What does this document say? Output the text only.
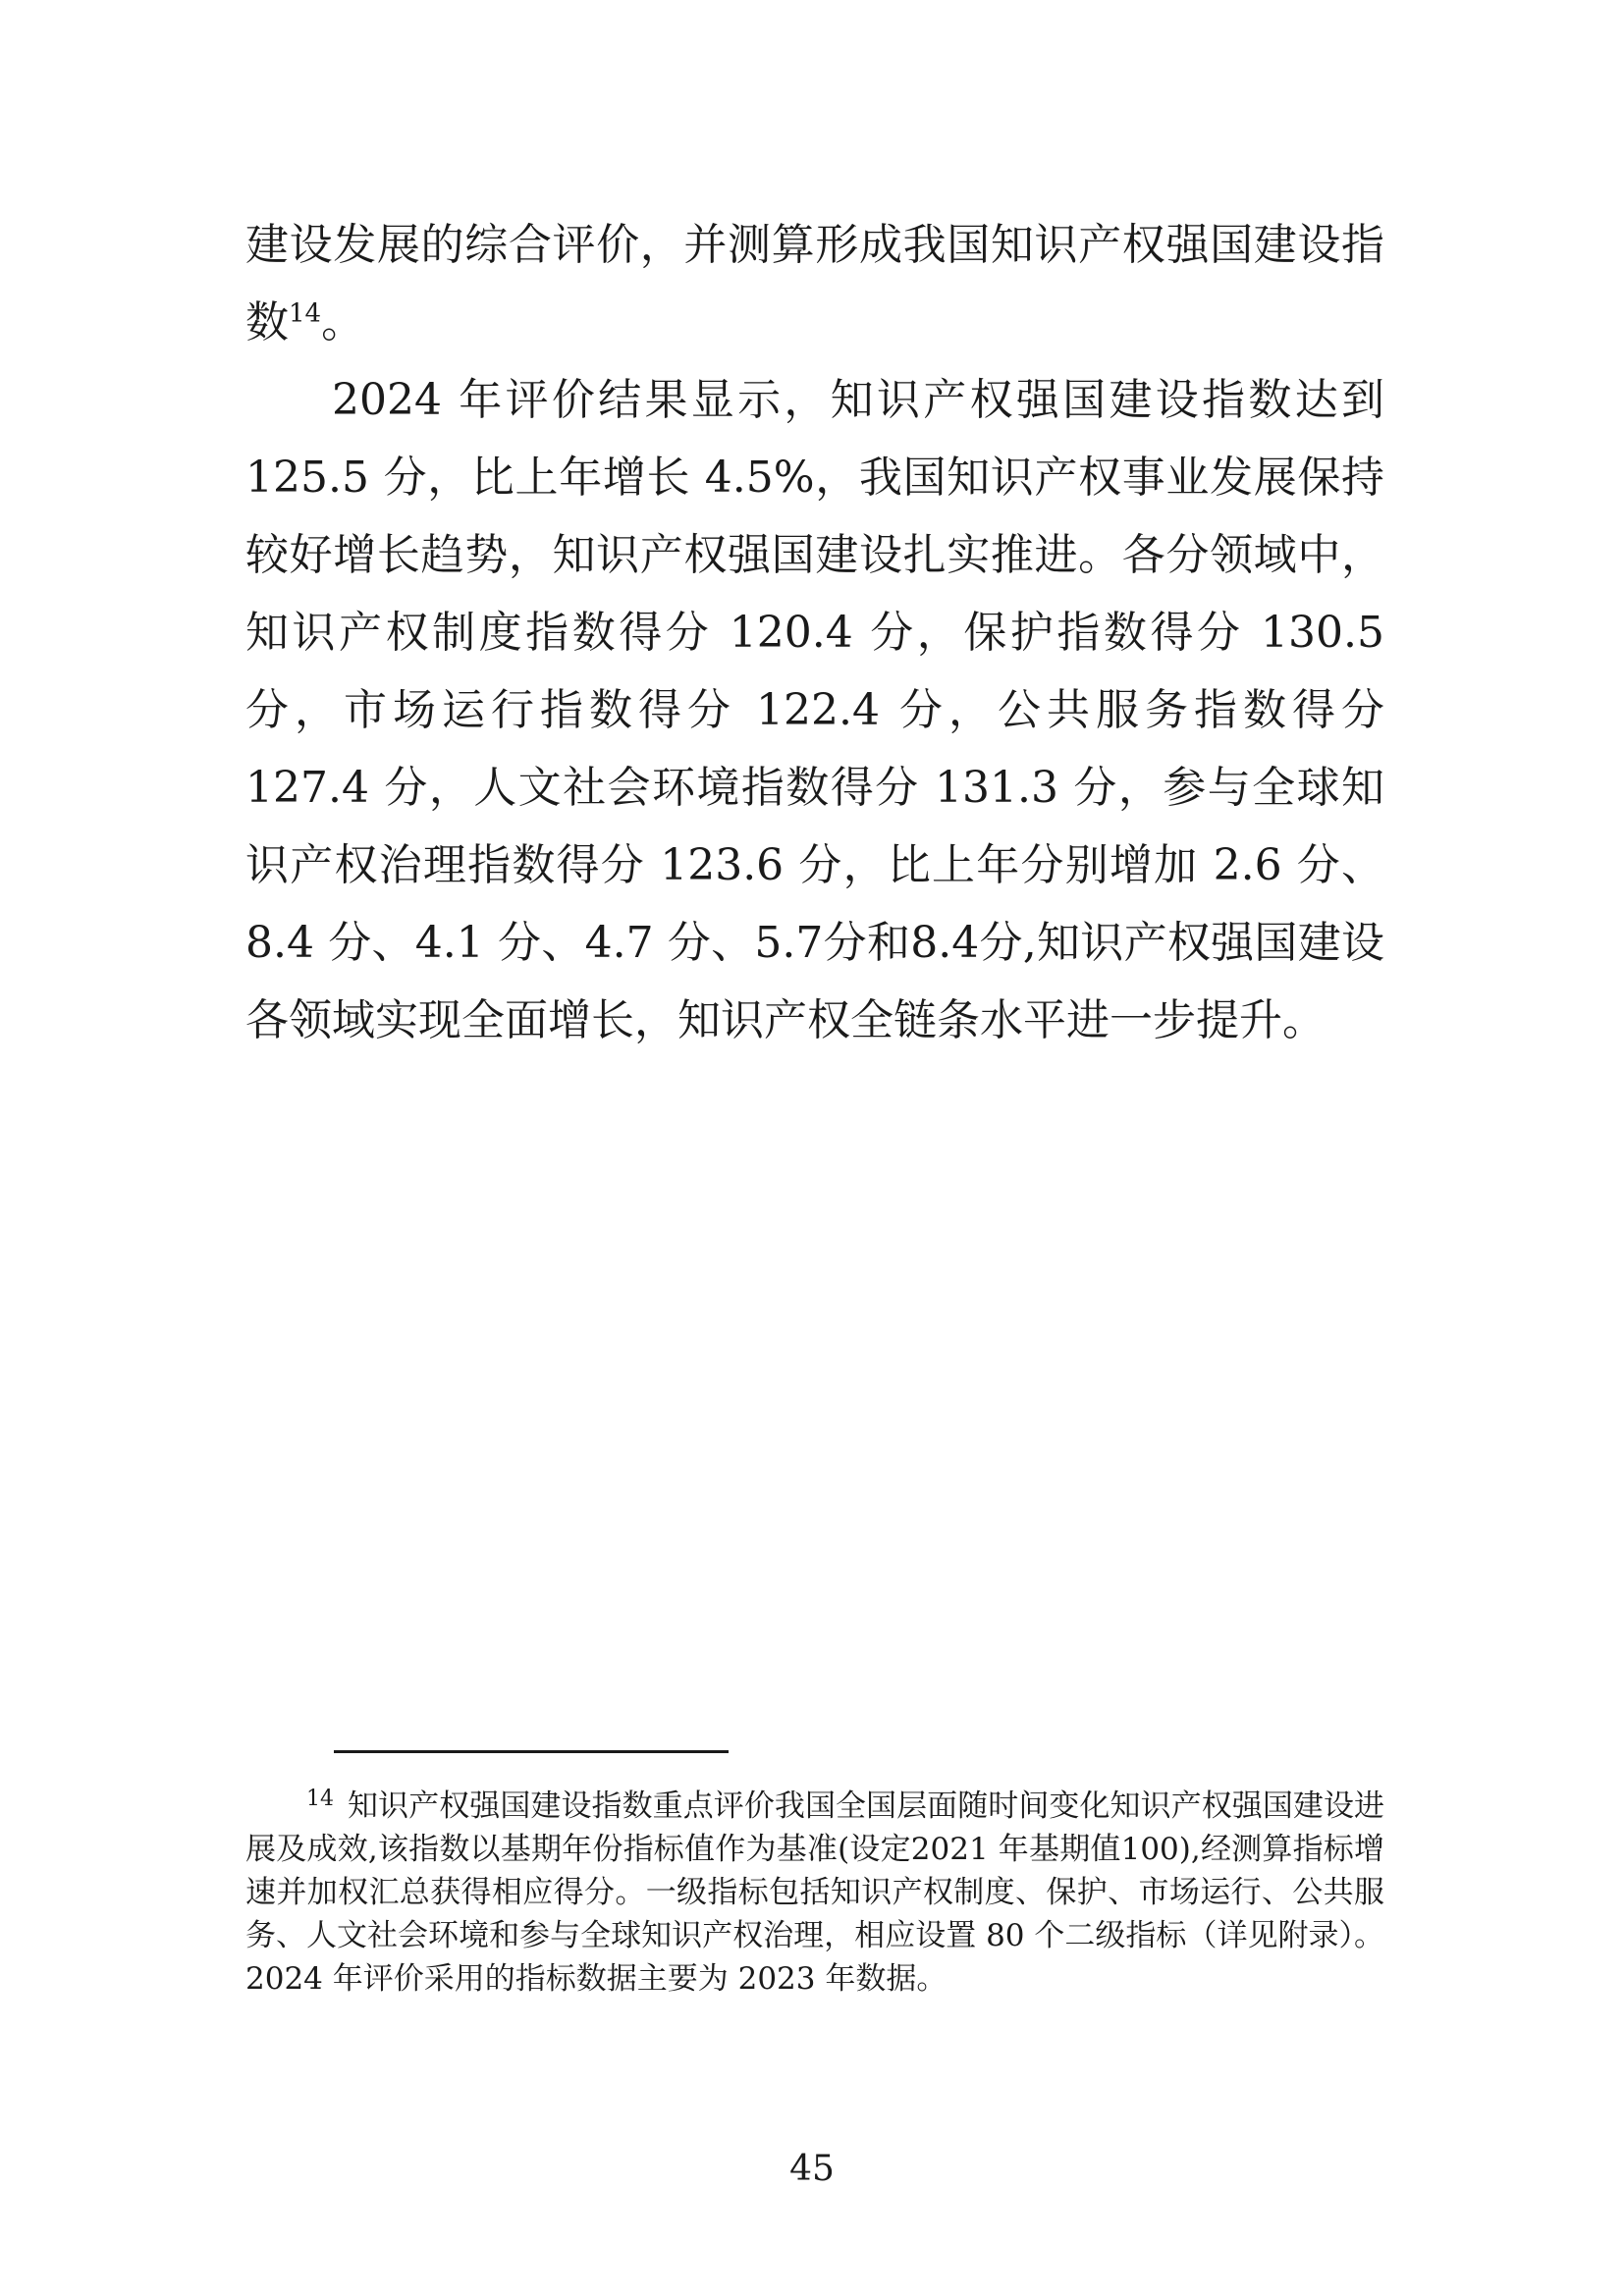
建设发展的综合评价，并测算形成我国知识产权强国建设指数$^{14}$。

2024 年评价结果显示，知识产权强国建设指数达到 125.5 分，比上年增长 4.5%，我国知识产权事业发展保持较好增长趋势，知识产权强国建设扎实推进。各分领域中，知识产权制度指数得分 120.4 分，保护指数得分 130.5 分，市场运行指数得分 122.4 分，公共服务指数得分 127.4 分，人文社会环境指数得分 131.3 分，参与全球知识产权治理指数得分 123.6 分，比上年分别增加 2.6 分、8.4 分、4.1 分、4.7 分、5.7分和8.4分,知识产权强国建设各领域实现全面增长，知识产权全链条水平进一步提升。

$^{14}$ 知识产权强国建设指数重点评价我国全国层面随时间变化知识产权强国建设进展及成效,该指数以基期年份指标值作为基准(设定2021 年基期值100),经测算指标增速并加权汇总获得相应得分。一级指标包括知识产权制度、保护、市场运行、公共服务、人文社会环境和参与全球知识产权治理，相应设置 80 个二级指标（详见附录）。2024 年评价采用的指标数据主要为 2023 年数据。

45
